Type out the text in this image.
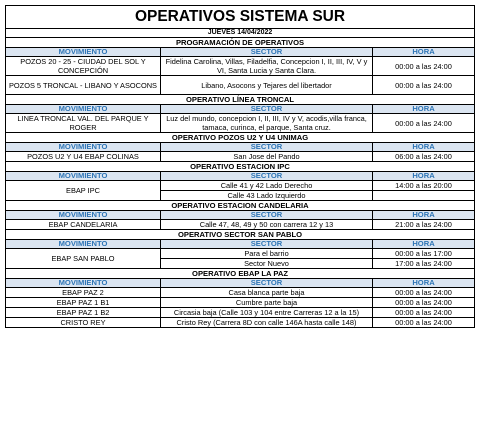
OPERATIVOS SISTEMA SUR		
JUEVES 14/04/2022		
PROGRAMACIÓN DE OPERATIVOS		
MOVIMIENTO	SECTOR	HORA
POZOS 20 - 25 - CIUDAD DEL SOL Y CONCEPCIÓN	Fidelina Carolina, Villas, Filadelfia, Concepcion I, II, III, IV, V y VI, Santa Lucia y Santa Clara.	00:00 a las 24:00
POZOS 5 TRONCAL - LIBANO Y ASOCONS	Libano, Asocons y Tejares del libertador	00:00 a las 24:00
OPERATIVO LÍNEA TRONCAL		
MOVIMIENTO	SECTOR	HORA
LINEA TRONCAL VAL. DEL PARQUE Y ROGER	Luz del mundo, concepcion I, II, III, IV y V, acodis,villa franca, tamaca, curinca, el parque, Santa cruz.	00:00 a las 24:00
OPERATIVO POZOS U2 Y U4 UNIMAG		
MOVIMIENTO	SECTOR	HORA
POZOS U2 Y U4 EBAP COLINAS	San Jose del Pando	06:00 a las 24:00
OPERATIVO ESTACION IPC		
MOVIMIENTO	SECTOR	HORA
EBAP IPC	Calle 41 y 42 Lado Derecho	14:00 a las 20:00
	Calle 43 Lado Izquierdo	
OPERATIVO ESTACION CANDELARIA		
MOVIMIENTO	SECTOR	HORA
EBAP CANDELARIA	Calle 47, 48, 49 y 50 con carrera 12 y 13	21:00 a las 24:00
OPERATIVO SECTOR SAN PABLO		
MOVIMIENTO	SECTOR	HORA
EBAP SAN PABLO	Para el barrio	00:00 a las 17:00
	Sector Nuevo	17:00 a las 24:00
OPERATIVO EBAP LA PAZ		
MOVIMIENTO	SECTOR	HORA
EBAP PAZ 2	Casa blanca parte baja	00:00 a las 24:00
EBAP PAZ 1 B1	Cumbre parte baja	00:00 a las 24:00
EBAP PAZ 1 B2	Circasia baja (Calle 103 y 104 entre Carreras 12 a la 15)	00:00 a las 24:00
CRISTO REY	Cristo Rey (Carrera 8D con calle 146A hasta calle 148)	00:00 a las 24:00
